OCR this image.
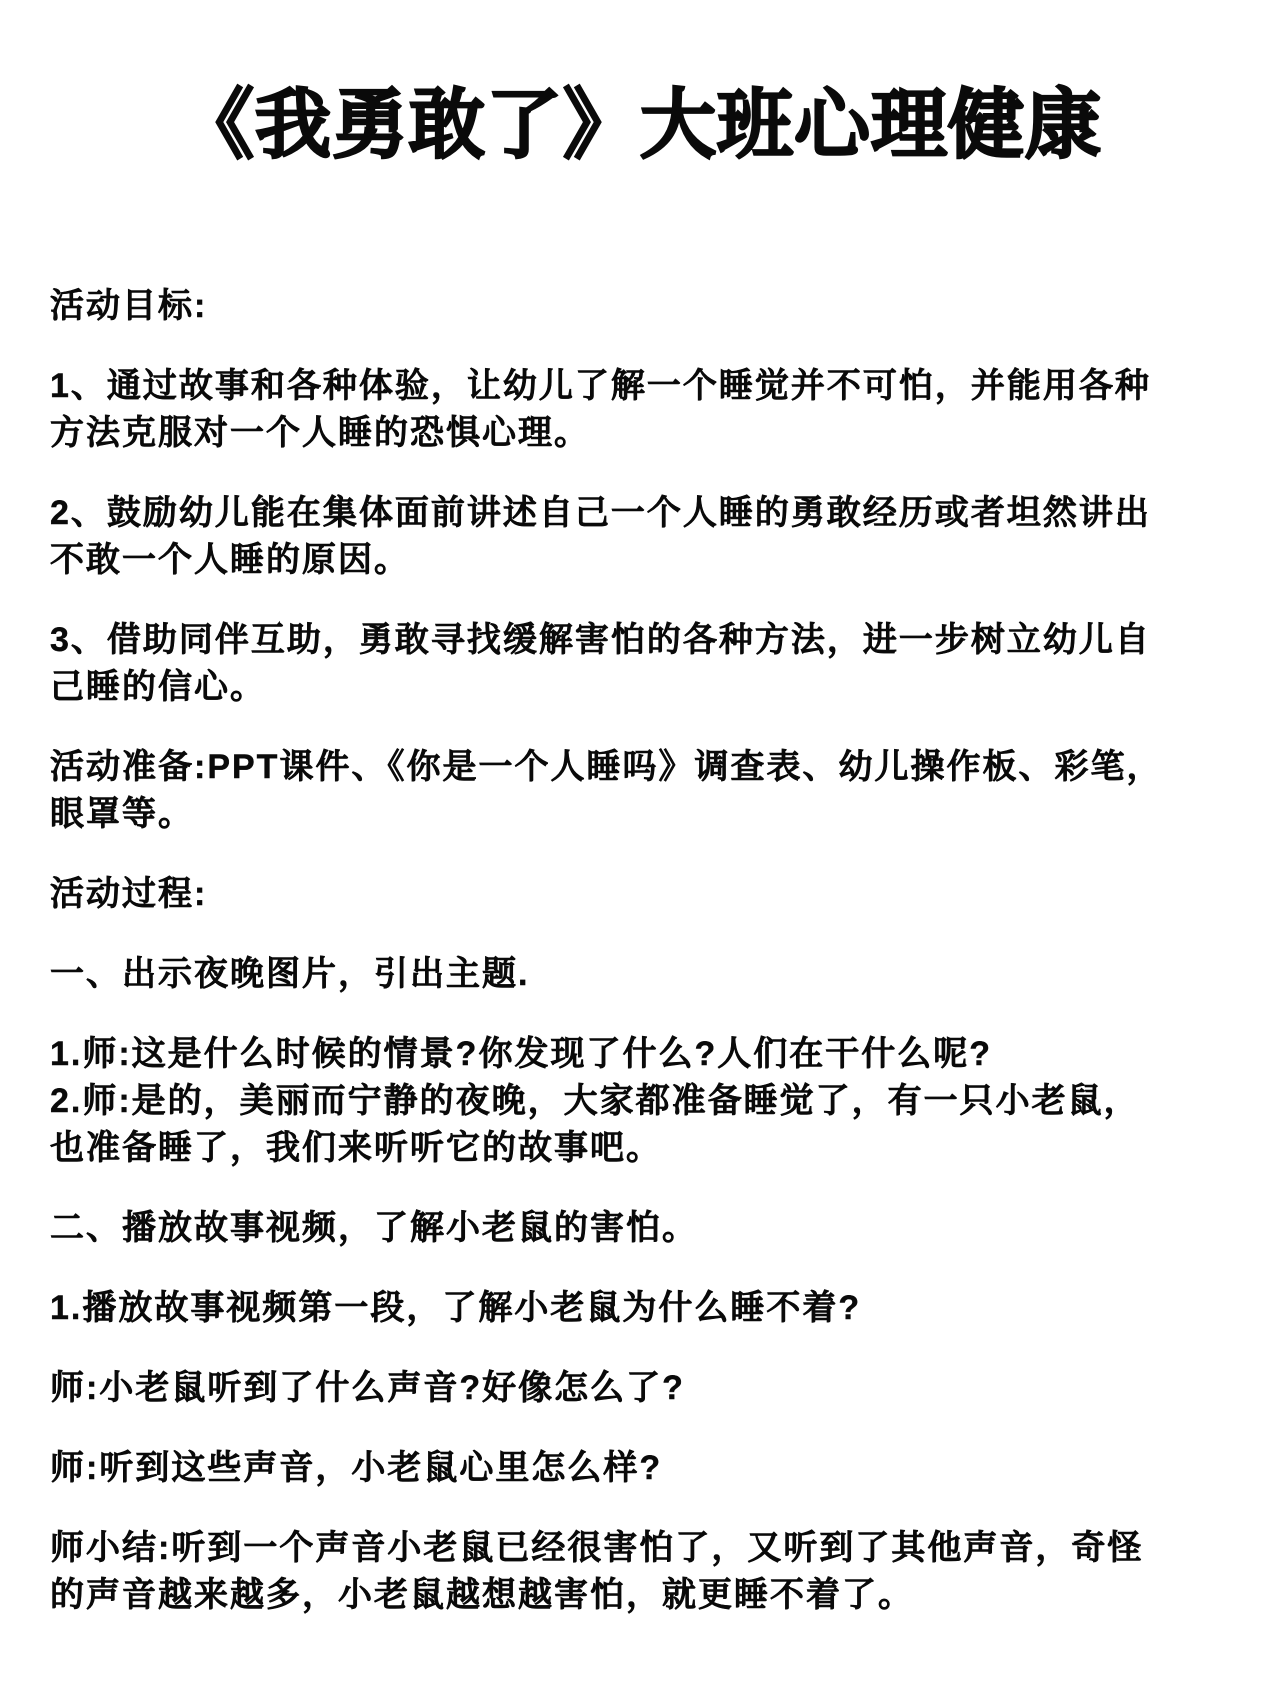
《我勇敢了》大班心理健康

活动目标:

1、通过故事和各种体验，让幼儿了解一个睡觉并不可怕，并能用各种方法克服对一个人睡的恐惧心理。

2、鼓励幼儿能在集体面前讲述自己一个人睡的勇敢经历或者坦然讲出不敢一个人睡的原因。

3、借助同伴互助，勇敢寻找缓解害怕的各种方法，进一步树立幼儿自己睡的信心。

活动准备:PPT课件、《你是一个人睡吗》调查表、幼儿操作板、彩笔，眼罩等。

活动过程:

一、出示夜晚图片，引出主题.

1.师:这是什么时候的情景?你发现了什么?人们在干什么呢?
2.师:是的，美丽而宁静的夜晚，大家都准备睡觉了，有一只小老鼠，也准备睡了，我们来听听它的故事吧。

二、播放故事视频，了解小老鼠的害怕。

1.播放故事视频第一段，了解小老鼠为什么睡不着?

师:小老鼠听到了什么声音?好像怎么了?

师:听到这些声音，小老鼠心里怎么样?

师小结:听到一个声音小老鼠已经很害怕了，又听到了其他声音，奇怪的声音越来越多，小老鼠越想越害怕，就更睡不着了。
